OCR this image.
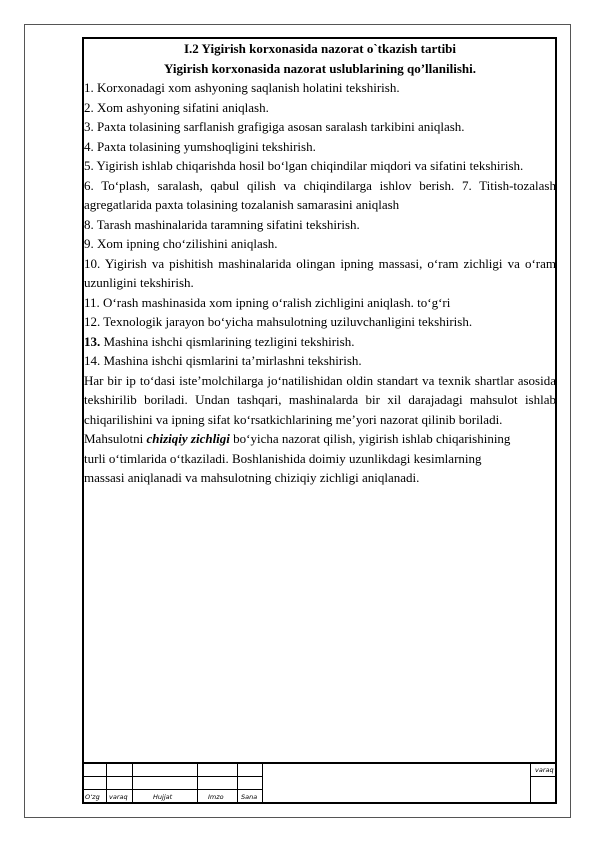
I.2 Yigirish korxonasida nazorat o`tkazish tartibi

Yigirish korxonasida nazorat uslublarining qo’llanilishi.

1. Korxonadagi xom ashyoning saqlanish holatini tekshirish.

2. Xom ashyoning sifatini aniqlash.

3. Paxta tolasining sarflanish grafigiga asosan saralash tarkibini aniqlash.

4. Paxta tolasining yumshoqligini tekshirish.

5. Yigirish ishlab chiqarishda hosil bo‘lgan chiqindilar miqdori va sifatini tekshirish.

6. To‘plash, saralash, qabul qilish va chiqindilarga ishlov berish. 7. Titish-tozalash agregatlarida paxta tolasining tozalanish samarasini aniqlash

8. Tarash mashinalarida taramning sifatini tekshirish.

9. Xom ipning cho‘zilishini aniqlash.

10. Yigirish va pishitish mashinalarida olingan ipning massasi, o‘ram zichligi va o‘ram uzunligini tekshirish.

11. O‘rash mashinasida xom ipning o‘ralish zichligini aniqlash. to‘g‘ri

12. Texnologik jarayon bo‘yicha mahsulotning uziluvchanligini tekshirish.

13. Mashina ishchi qismlarining tezligini tekshirish.

14. Mashina ishchi qismlarini ta’mirlashni tekshirish.

Har bir ip to‘dasi iste’molchilarga jo‘natilishidan oldin standart va texnik shartlar asosida tekshirilib boriladi. Undan tashqari, mashinalarda bir xil darajadagi mahsulot ishlab chiqarilishini va ipning sifat ko‘rsatkichlarining me’yori nazorat qilinib boriladi.

Mahsulotni chiziqiy zichligi bo‘yicha nazorat qilish, yigirish ishlab chiqarishining

turli o‘timlarida o‘tkaziladi. Boshlanishida doimiy uzunlikdagi kesimlarning

massasi aniqlanadi va mahsulotning chiziqiy zichligi aniqlanadi.

varaq
O‘zg varaq	Hujjat	Imzo	Sana
